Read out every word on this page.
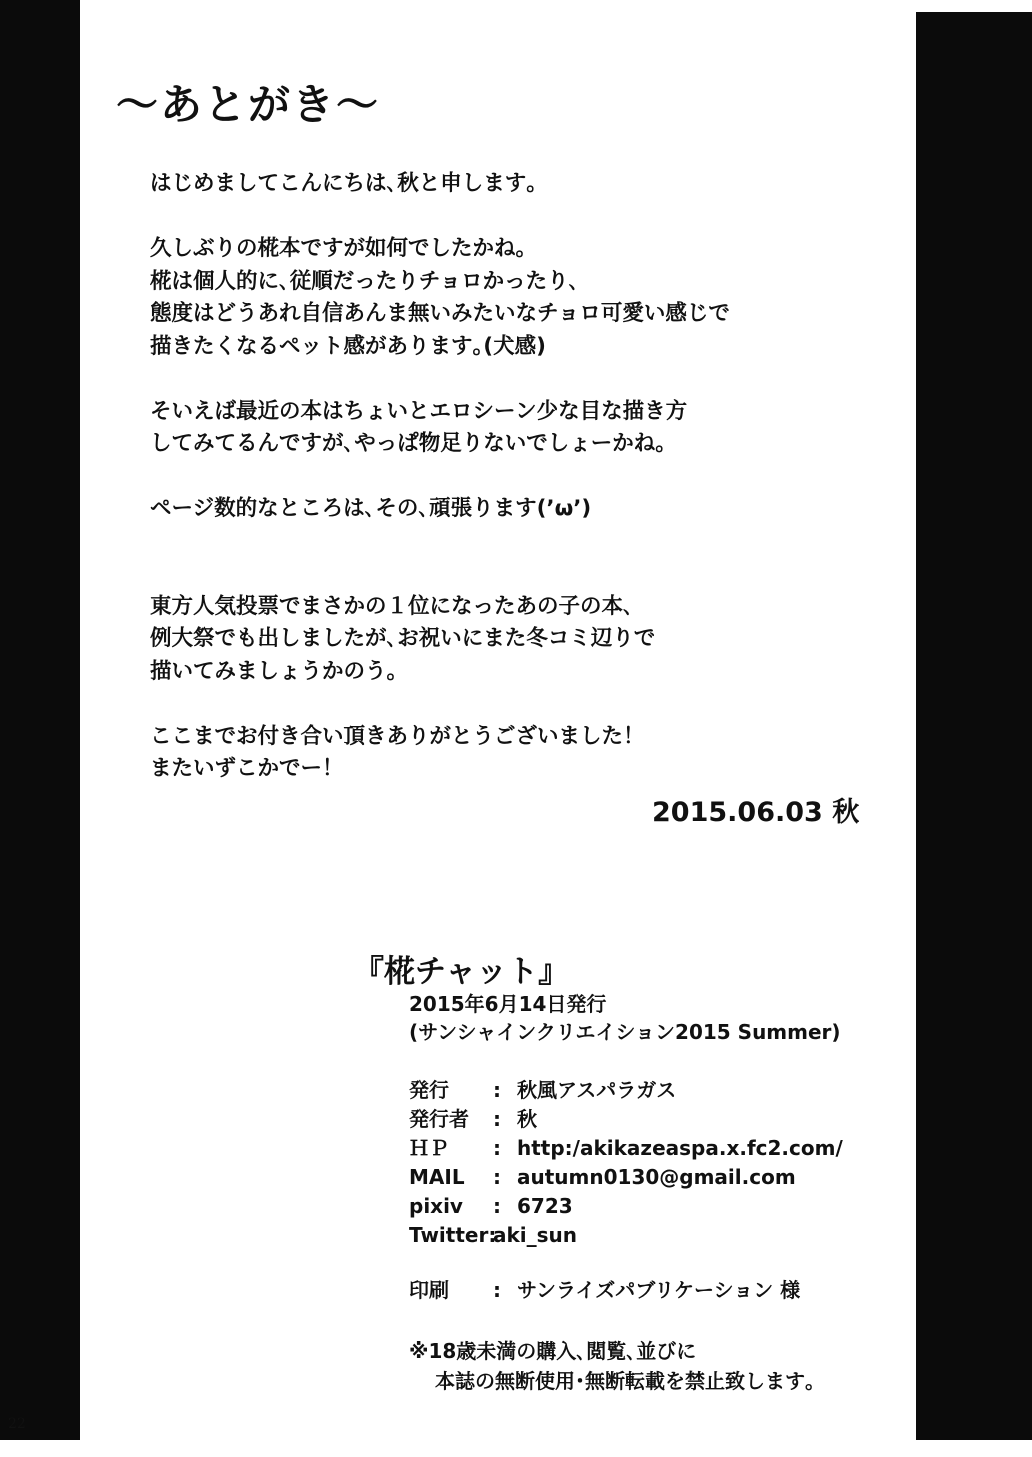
～あとがき～

はじめましてこんにちは､秋と申します｡

久しぶりの椛本ですが如何でしたかね。
椛は個人的に､従順だったりチョロかったり､
態度はどうあれ自信あんま無いみたいなチョロ可愛い感じで
描きたくなるペット感があります｡(犬感)

そいえば最近の本はちょいとエロシーン少な目な描き方
してみてるんですが､やっぱ物足りないでしょーかね｡

ページ数的なところは､その､頑張ります(’ω’)

東方人気投票でまさかの１位になったあの子の本､
例大祭でも出しましたが､お祝いにまた冬コミ辺りで
描いてみましょうかのう｡

ここまでお付き合い頂きありがとうございました！
またいずこかでー！

2015.06.03 秋
『椛チャット』
2015年6月14日発行
(サンシャインクリエイション2015 Summer)
発行	: 秋風アスパラガス
発行者	: 秋
ＨＰ	: http:/akikazeaspa.x.fc2.com/
MAIL	: autumn0130@gmail.com
pixiv	: 6723
Twitter:
aki_sun
印刷	: サンライズパブリケーション 様
※18歳未満の購入､閲覧､並びに
本誌の無断使用･無断転載を禁止致します｡
22
